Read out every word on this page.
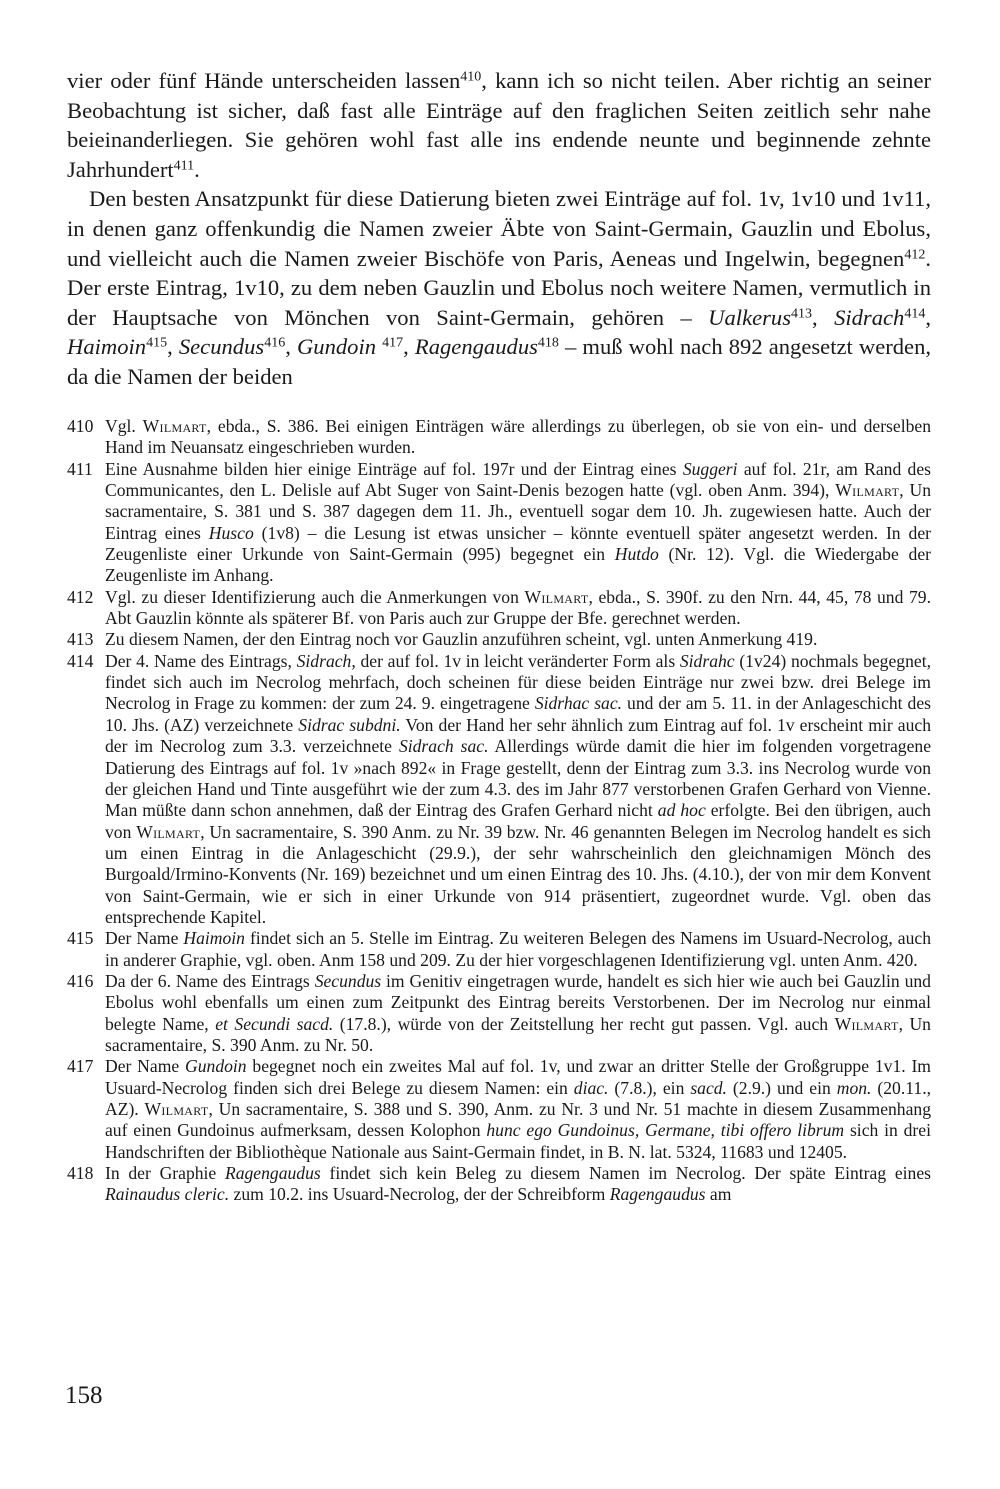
vier oder fünf Hände unterscheiden lassen$^{410}$, kann ich so nicht teilen. Aber richtig an seiner Beobachtung ist sicher, daß fast alle Einträge auf den fraglichen Seiten zeitlich sehr nahe beieinanderliegen. Sie gehören wohl fast alle ins endende neunte und beginnende zehnte Jahrhundert$^{411}$.

Den besten Ansatzpunkt für diese Datierung bieten zwei Einträge auf fol. 1v, 1v10 und 1v11, in denen ganz offenkundig die Namen zweier Äbte von Saint-Germain, Gauzlin und Ebolus, und vielleicht auch die Namen zweier Bischöfe von Paris, Aeneas und Ingelwin, begegnen$^{412}$. Der erste Eintrag, 1v10, zu dem neben Gauzlin und Ebolus noch weitere Namen, vermutlich in der Hauptsache von Mönchen von Saint-Germain, gehören – Ualkerus$^{413}$, Sidrach$^{414}$, Haimoin$^{415}$, Secundus$^{416}$, Gundoin $^{417}$, Ragengaudus$^{418}$ – muß wohl nach 892 angesetzt werden, da die Namen der beiden

410 Vgl. Wilmart, ebda., S. 386. Bei einigen Einträgen wäre allerdings zu überlegen, ob sie von ein- und derselben Hand im Neuansatz eingeschrieben wurden.
411 Eine Ausnahme bilden hier einige Einträge auf fol. 197r und der Eintrag eines Suggeri auf fol. 21r, am Rand des Communicantes, den L. Delisle auf Abt Suger von Saint-Denis bezogen hatte (vgl. oben Anm. 394), Wilmart, Un sacramentaire, S. 381 und S. 387 dagegen dem 11. Jh., eventuell sogar dem 10. Jh. zugewiesen hatte. Auch der Eintrag eines Husco (1v8) – die Lesung ist etwas unsicher – könnte eventuell später angesetzt werden. In der Zeugenliste einer Urkunde von Saint-Germain (995) begegnet ein Hutdo (Nr. 12). Vgl. die Wiedergabe der Zeugenliste im Anhang.
412 Vgl. zu dieser Identifizierung auch die Anmerkungen von Wilmart, ebda., S. 390f. zu den Nrn. 44, 45, 78 und 79. Abt Gauzlin könnte als späterer Bf. von Paris auch zur Gruppe der Bfe. gerechnet werden.
413 Zu diesem Namen, der den Eintrag noch vor Gauzlin anzuführen scheint, vgl. unten Anmerkung 419.
414 Der 4. Name des Eintrags, Sidrach, der auf fol. 1v in leicht veränderter Form als Sidrahc (1v24) nochmals begegnet, findet sich auch im Necrolog mehrfach, doch scheinen für diese beiden Einträge nur zwei bzw. drei Belege im Necrolog in Frage zu kommen: der zum 24. 9. eingetragene Sidrhac sac. und der am 5. 11. in der Anlageschicht des 10. Jhs. (AZ) verzeichnete Sidrac subdni. Von der Hand her sehr ähnlich zum Eintrag auf fol. 1v erscheint mir auch der im Necrolog zum 3.3. verzeichnete Sidrach sac. Allerdings würde damit die hier im folgenden vorgetragene Datierung des Eintrags auf fol. 1v »nach 892« in Frage gestellt, denn der Eintrag zum 3.3. ins Necrolog wurde von der gleichen Hand und Tinte ausgeführt wie der zum 4.3. des im Jahr 877 verstorbenen Grafen Gerhard von Vienne. Man müßte dann schon annehmen, daß der Eintrag des Grafen Gerhard nicht ad hoc erfolgte. Bei den übrigen, auch von Wilmart, Un sacramentaire, S. 390 Anm. zu Nr. 39 bzw. Nr. 46 genannten Belegen im Necrolog handelt es sich um einen Eintrag in die Anlageschicht (29.9.), der sehr wahrscheinlich den gleichnamigen Mönch des Burgoald/Irmino-Konvents (Nr. 169) bezeichnet und um einen Eintrag des 10. Jhs. (4.10.), der von mir dem Konvent von Saint-Germain, wie er sich in einer Urkunde von 914 präsentiert, zugeordnet wurde. Vgl. oben das entsprechende Kapitel.
415 Der Name Haimoin findet sich an 5. Stelle im Eintrag. Zu weiteren Belegen des Namens im Usuard-Necrolog, auch in anderer Graphie, vgl. oben. Anm 158 und 209. Zu der hier vorgeschlagenen Identifizierung vgl. unten Anm. 420.
416 Da der 6. Name des Eintrags Secundus im Genitiv eingetragen wurde, handelt es sich hier wie auch bei Gauzlin und Ebolus wohl ebenfalls um einen zum Zeitpunkt des Eintrag bereits Verstorbenen. Der im Necrolog nur einmal belegte Name, et Secundi sacd. (17.8.), würde von der Zeitstellung her recht gut passen. Vgl. auch Wilmart, Un sacramentaire, S. 390 Anm. zu Nr. 50.
417 Der Name Gundoin begegnet noch ein zweites Mal auf fol. 1v, und zwar an dritter Stelle der Großgruppe 1v1. Im Usuard-Necrolog finden sich drei Belege zu diesem Namen: ein diac. (7.8.), ein sacd. (2.9.) und ein mon. (20.11., AZ). Wilmart, Un sacramentaire, S. 388 und S. 390, Anm. zu Nr. 3 und Nr. 51 machte in diesem Zusammenhang auf einen Gundoinus aufmerksam, dessen Kolophon hunc ego Gundoinus, Germane, tibi offero librum sich in drei Handschriften der Bibliothèque Nationale aus Saint-Germain findet, in B. N. lat. 5324, 11683 und 12405.
418 In der Graphie Ragengaudus findet sich kein Beleg zu diesem Namen im Necrolog. Der späte Eintrag eines Rainaudus cleric. zum 10.2. ins Usuard-Necrolog, der der Schreibform Ragengaudus am
158
